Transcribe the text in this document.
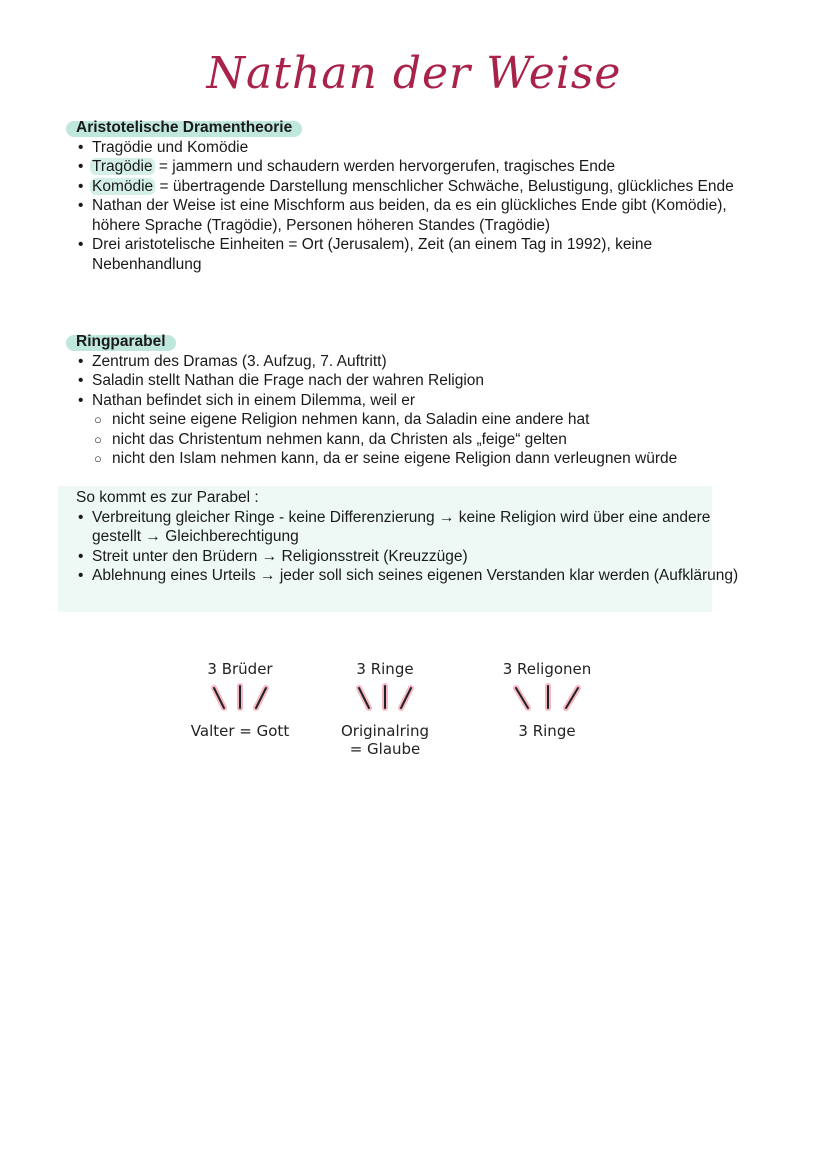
Nathan der Weise
Aristotelische Dramentheorie
• Tragödie und Komödie
• Tragödie = jammern und schaudern werden hervorgerufen, tragisches Ende
• Komödie = übertragende Darstellung menschlicher Schwäche, Belustigung, glückliches Ende
• Nathan der Weise ist eine Mischform aus beiden, da es ein glückliches Ende gibt (Komödie), höhere Sprache (Tragödie), Personen höheren Standes (Tragödie)
• Drei aristotelische Einheiten = Ort (Jerusalem), Zeit (an einem Tag in 1992), keine Nebenhandlung
Ringparabel
• Zentrum des Dramas (3. Aufzug, 7. Auftritt)
• Saladin stellt Nathan die Frage nach der wahren Religion
• Nathan befindet sich in einem Dilemma, weil er
○ nicht seine eigene Religion nehmen kann, da Saladin eine andere hat
○ nicht das Christentum nehmen kann, da Christen als „feige“ gelten
○ nicht den Islam nehmen kann, da er seine eigene Religion dann verleugnen würde
So kommt es zur Parabel :
• Verbreitung gleicher Ringe - keine Differenzierung → keine Religion wird über eine andere gestellt → Gleichberechtigung
• Streit unter den Brüdern → Religionsstreit (Kreuzzüge)
• Ablehnung eines Urteils → jeder soll sich seines eigenen Verstanden klar werden (Aufklärung)
3 Brüder
Valter = Gott
3 Ringe
Originalring
= Glaube
3 Religonen
3 Ringe
